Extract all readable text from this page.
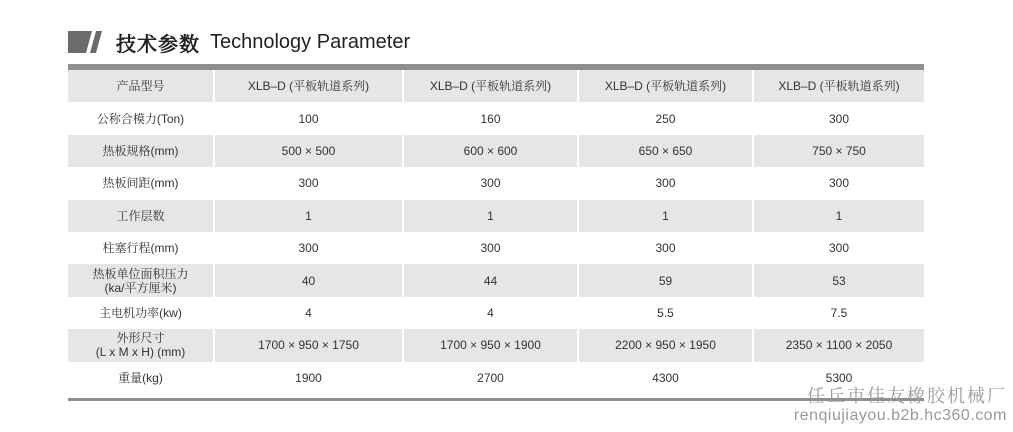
技术参数 Technology Parameter
产品型号	XLB–D (平板轨道系列)	XLB–D (平板轨道系列)	XLB–D (平板轨道系列)	XLB–D (平板轨道系列)
公称合模力(Ton)	100	160	250	300
热板规格(mm)	500 × 500	600 × 600	650 × 650	750 × 750
热板间距(mm)	300	300	300	300
工作层数	1	1	1	1
柱塞行程(mm)	300	300	300	300
热板单位面积压力
(ka/平方厘米)	40	44	59	53
主电机功率(kw)	4	4	5.5	7.5
外形尺寸
(L x M x H) (mm)	1700 × 950 × 1750	1700 × 950 × 1900	2200 × 950 × 1950	2350 × 1100 × 2050
重量(kg)	1900	2700	4300	5300
任丘市佳友橡胶机械厂
renqiujiayou.b2b.hc360.com
